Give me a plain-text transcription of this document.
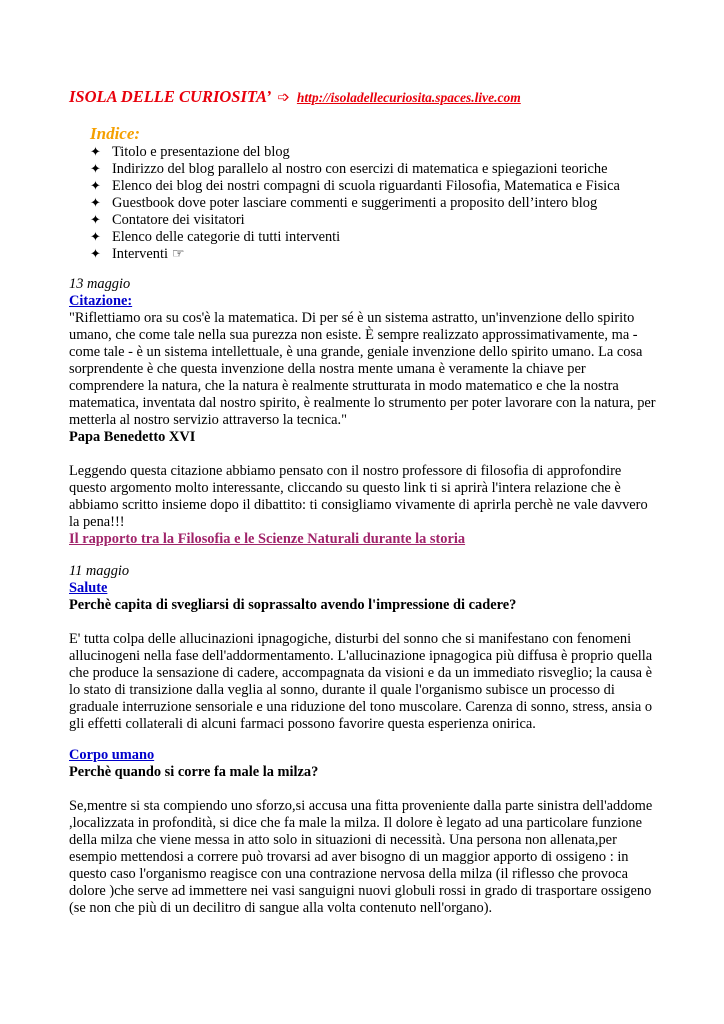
ISOLA DELLE CURIOSITA’ ➩ http://isoladellecuriosita.spaces.live.com
Indice:
✦ Titolo e presentazione del blog
✦ Indirizzo del blog parallelo al nostro con esercizi di matematica e spiegazioni teoriche
✦ Elenco dei blog dei nostri compagni di scuola riguardanti Filosofia, Matematica e Fisica
✦ Guestbook dove poter lasciare commenti e suggerimenti a proposito dell’intero blog
✦ Contatore dei visitatori
✦ Elenco delle categorie di tutti interventi
✦ Interventi ☞

13 maggio

Citazione:

"Riflettiamo ora su cos'è la matematica. Di per sé è un sistema astratto, un'invenzione dello spirito umano, che come tale nella sua purezza non esiste. È sempre realizzato approssimativamente, ma - come tale - è un sistema intellettuale, è una grande, geniale invenzione dello spirito umano. La cosa sorprendente è che questa invenzione della nostra mente umana è veramente la chiave per comprendere la natura, che la natura è realmente strutturata in modo matematico e che la nostra matematica, inventata dal nostro spirito, è realmente lo strumento per poter lavorare con la natura, per metterla al nostro servizio attraverso la tecnica."

Papa Benedetto XVI

Leggendo questa citazione abbiamo pensato con il nostro professore di filosofia di approfondire questo argomento molto interessante, cliccando su questo link ti si aprirà l'intera relazione che è abbiamo scritto insieme dopo il dibattito: ti consigliamo vivamente di aprirla perchè ne vale davvero la pena!!!

Il rapporto tra la Filosofia e le Scienze Naturali durante la storia

11 maggio

Salute

Perchè capita di svegliarsi di soprassalto avendo l'impressione di cadere?

E' tutta colpa delle allucinazioni ipnagogiche, disturbi del sonno che si manifestano con fenomeni allucinogeni nella fase dell'addormentamento. L'allucinazione ipnagogica più diffusa è proprio quella che produce la sensazione di cadere, accompagnata da visioni e da un immediato risveglio; la causa è lo stato di transizione dalla veglia al sonno, durante il quale l'organismo subisce un processo di graduale interruzione sensoriale e una riduzione del tono muscolare. Carenza di sonno, stress, ansia o gli effetti collaterali di alcuni farmaci possono favorire questa esperienza onirica.

Corpo umano

Perchè quando si corre fa male la milza?

Se,mentre si sta compiendo uno sforzo,si accusa una fitta proveniente dalla parte sinistra dell'addome ,localizzata in profondità, si dice che fa male la milza. Il dolore è legato ad una particolare funzione della milza che viene messa in atto solo in situazioni di necessità. Una persona non allenata,per esempio mettendosi a correre può trovarsi ad aver bisogno di un maggior apporto di ossigeno : in questo caso l'organismo reagisce con una contrazione nervosa della milza (il riflesso che provoca dolore )che serve ad immettere nei vasi sanguigni nuovi globuli rossi in grado di trasportare ossigeno (se non che più di un decilitro di sangue alla volta contenuto nell'organo).
